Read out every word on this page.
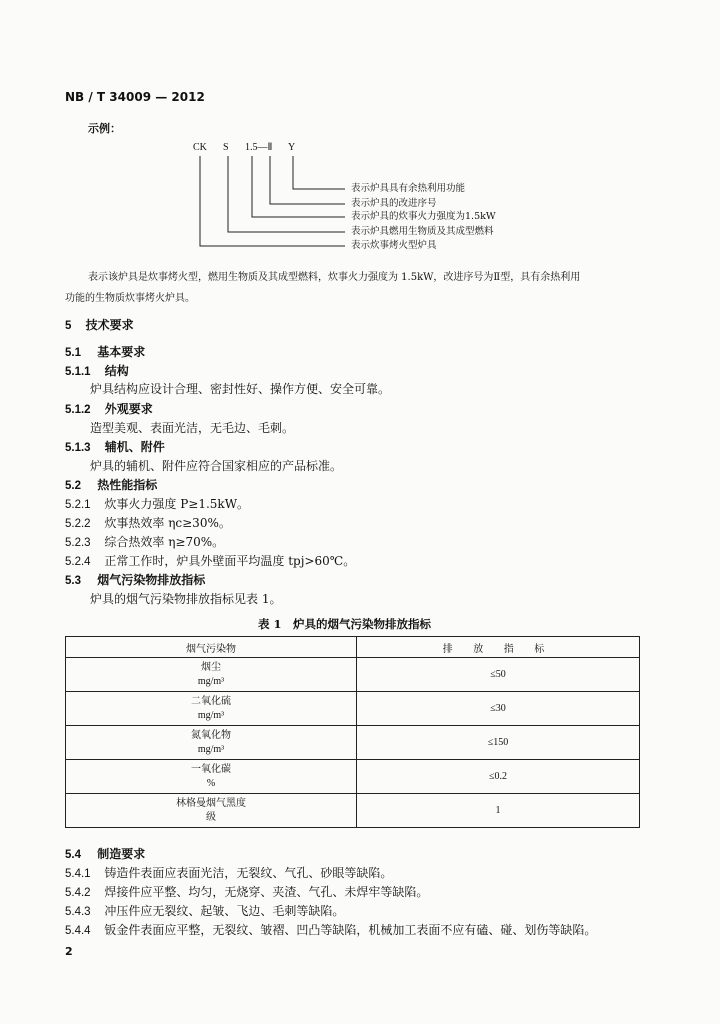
NB / T 34009 — 2012
示例：
CK S 1.5—Ⅱ Y
表示炉具具有余热利用功能
表示炉具的改进序号
表示炉具的炊事火力强度为1.5kW
表示炉具燃用生物质及其成型燃料
表示炊事烤火型炉具
表示该炉具是炊事烤火型，燃用生物质及其成型燃料，炊事火力强度为 1.5kW，改进序号为Ⅱ型，具有余热利用
功能的生物质炊事烤火炉具。
5 技术要求
5.1 基本要求
5.1.1 结构
炉具结构应设计合理、密封性好、操作方便、安全可靠。
5.1.2 外观要求
造型美观、表面光洁，无毛边、毛刺。
5.1.3 辅机、附件
炉具的辅机、附件应符合国家相应的产品标准。
5.2 热性能指标
5.2.1 炊事火力强度 P≥1.5kW。
5.2.2 炊事热效率 ηc≥30%。
5.2.3 综合热效率 η≥70%。
5.2.4 正常工作时，炉具外壁面平均温度 tpj>60℃。
5.3 烟气污染物排放指标
炉具的烟气污染物排放指标见表 1。
表 1　炉具的烟气污染物排放指标
烟气污染物	排 放 指 标

烟尘
mg/m³	≤50

二氧化硫
mg/m³	≤30

氮氧化物
mg/m³	≤150

一氧化碳
%	≤0.2

林格曼烟气黑度
级	1
5.4 制造要求
5.4.1 铸造件表面应表面光洁，无裂纹、气孔、砂眼等缺陷。
5.4.2 焊接件应平整、均匀，无烧穿、夹渣、气孔、未焊牢等缺陷。
5.4.3 冲压件应无裂纹、起皱、飞边、毛刺等缺陷。
5.4.4 钣金件表面应平整，无裂纹、皱褶、凹凸等缺陷，机械加工表面不应有磕、碰、划伤等缺陷。
2
